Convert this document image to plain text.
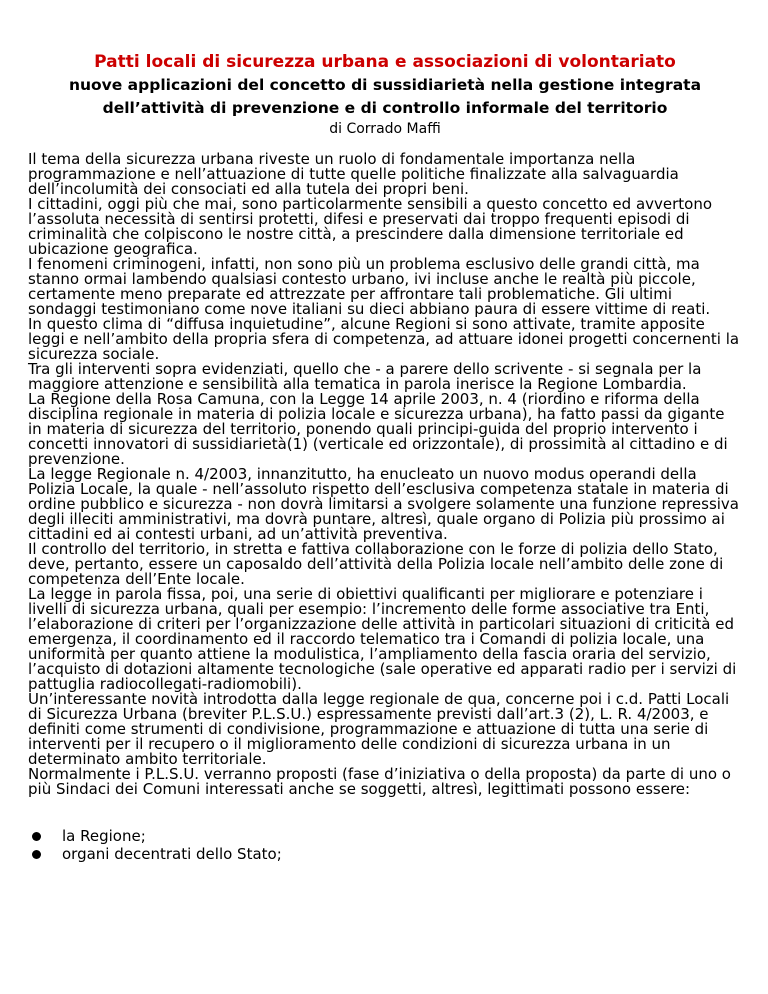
Patti locali di sicurezza urbana e associazioni di volontariato
nuove applicazioni del concetto di sussidiarietà nella gestione integrata dell’attività di prevenzione e di controllo informale del territorio
di Corrado Maffi

Il tema della sicurezza urbana riveste un ruolo di fondamentale importanza nella programmazione e nell’attuazione di tutte quelle politiche finalizzate alla salvaguardia dell’incolumità dei consociati ed alla tutela dei propri beni.

I cittadini, oggi più che mai, sono particolarmente sensibili a questo concetto ed avvertono l’assoluta necessità di sentirsi protetti, difesi e preservati dai troppo frequenti episodi di criminalità che colpiscono le nostre città, a prescindere dalla dimensione territoriale ed ubicazione geografica.

I fenomeni criminogeni, infatti, non sono più un problema esclusivo delle grandi città, ma stanno ormai lambendo qualsiasi contesto urbano, ivi incluse anche le realtà più piccole, certamente meno preparate ed attrezzate per affrontare tali problematiche. Gli ultimi sondaggi testimoniano come nove italiani su dieci abbiano paura di essere vittime di reati.

In questo clima di “diffusa inquietudine”, alcune Regioni si sono attivate, tramite apposite leggi e nell’ambito della propria sfera di competenza, ad attuare idonei progetti concernenti la sicurezza sociale.

Tra gli interventi sopra evidenziati, quello che - a parere dello scrivente - si segnala per la maggiore attenzione e sensibilità alla tematica in parola inerisce la Regione Lombardia.

La Regione della Rosa Camuna, con la Legge 14 aprile 2003, n. 4 (riordino e riforma della disciplina regionale in materia di polizia locale e sicurezza urbana), ha fatto passi da gigante in materia di sicurezza del territorio, ponendo quali principi-guida del proprio intervento i concetti innovatori di sussidiarietà(1) (verticale ed orizzontale), di prossimità al cittadino e di prevenzione.

La legge Regionale n. 4/2003, innanzitutto, ha enucleato un nuovo modus operandi della Polizia Locale, la quale - nell’assoluto rispetto dell’esclusiva competenza statale in materia di ordine pubblico e sicurezza - non dovrà limitarsi a svolgere solamente una funzione repressiva degli illeciti amministrativi, ma dovrà puntare, altresì, quale organo di Polizia più prossimo ai cittadini ed ai contesti urbani, ad un’attività preventiva.

Il controllo del territorio, in stretta e fattiva collaborazione con le forze di polizia dello Stato, deve, pertanto, essere un caposaldo dell’attività della Polizia locale nell’ambito delle zone di competenza dell’Ente locale.

La legge in parola fissa, poi, una serie di obiettivi qualificanti per migliorare e potenziare i livelli di sicurezza urbana, quali per esempio: l’incremento delle forme associative tra Enti, l’elaborazione di criteri per l’organizzazione delle attività in particolari situazioni di criticità ed emergenza, il coordinamento ed il raccordo telematico tra i Comandi di polizia locale, una uniformità per quanto attiene la modulistica, l’ampliamento della fascia oraria del servizio, l’acquisto di dotazioni altamente tecnologiche (sale operative ed apparati radio per i servizi di pattuglia radiocollegati-radiomobili).

Un’interessante novità introdotta dalla legge regionale de qua, concerne poi i c.d. Patti Locali di Sicurezza Urbana (breviter P.L.S.U.) espressamente previsti dall’art.3 (2), L. R. 4/2003, e definiti come strumenti di condivisione, programmazione e attuazione di tutta una serie di interventi per il recupero o il miglioramento delle condizioni di sicurezza urbana in un determinato ambito territoriale.

Normalmente i P.L.S.U. verranno proposti (fase d’iniziativa o della proposta) da parte di uno o più Sindaci dei Comuni interessati anche se soggetti, altresì, legittimati possono essere:

la Regione;
organi decentrati dello Stato;
